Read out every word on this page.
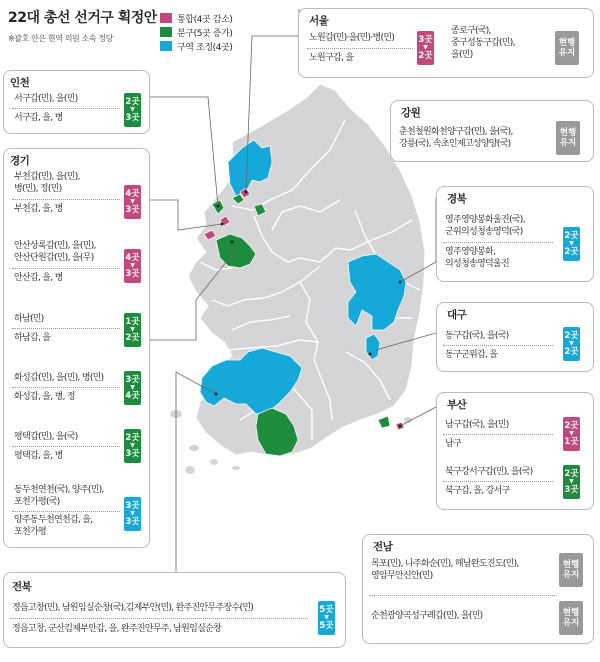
22대 총선 선거구 획정안
※괄호 안은 현역 의원 소속 정당
통합(4곳 감소)
분구(5곳 증가)
구역 조정(4곳)
인천
서구갑(민), 을(민)
서구갑, 을, 병
2곳
▼
3곳
경기
부천갑(민), 을(민),
병(민), 정(민)
부천갑, 을, 병
4곳
▼
3곳
안산상록갑(민), 을(민),
안산단원갑(민), 을(무)
안산갑, 을, 병
4곳
▼
3곳
하남(민)
하남갑, 을
1곳
▼
2곳
화성갑(민), 을(민), 병(민)
화성갑, 을, 병, 정
3곳
▼
4곳
평택갑(민), 을(국)
평택갑, 을, 병
2곳
▼
3곳
동두천연천(국), 양주(민),
포천가평(국)
양주동두천연천갑, 을,
포천가평
3곳
▼
3곳
서울
노원갑(민)·을(민)·병(민)
노원구갑, 을
3곳
▼
2곳
종로구(국),
중구성동구갑(민),
을(민)
현행
유지
강원
춘천철원화천양구갑(민), 을(국),
강릉(국), 속초인제고성양양(국)
현행
유지
경북
영주영양봉화울진(국),
군위의성청송영덕(국)
영주영양봉화,
의성청송영덕울진
2곳
▼
2곳
대구
동구갑(국), 을(국)
동구군위갑, 을
2곳
▼
2곳
부산
남구갑(국), 을(민)
남구
2곳
▼
1곳
북구강서구갑(민), 을(국)
북구갑, 을, 강서구
2곳
▼
3곳
전남
목포(민), 나주화순(민), 해남완도진도(민),
영암무안신안(민)
현행
유지
순천광양곡성구례갑(민), 을(민)	현행
유지
전북
정읍고창(민), 남원임실순창(국),김제부안(민), 완주진안무주장수(민)
정읍고창, 군산김제부안갑, 을, 완주진안무주, 남원임실순창
5곳
▼
5곳
